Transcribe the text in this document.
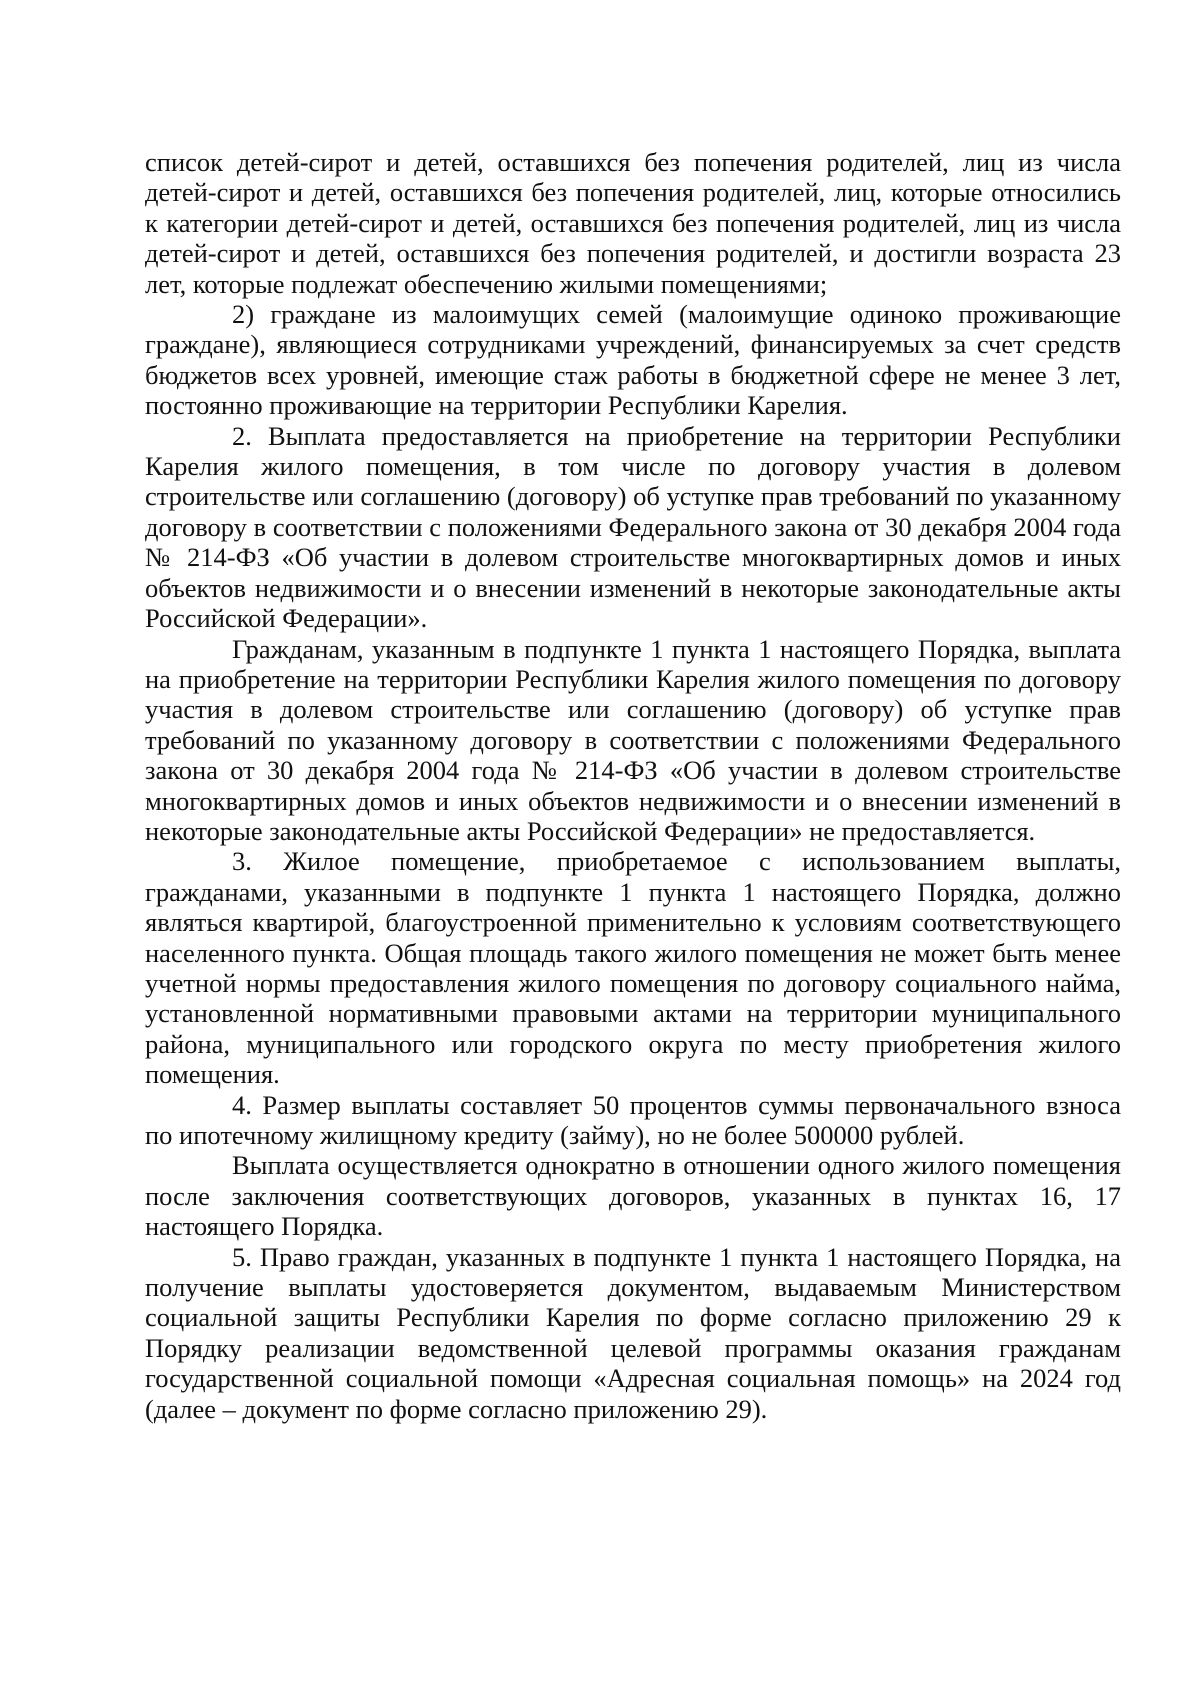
список детей-сирот и детей, оставшихся без попечения родителей, лиц из числа детей-сирот и детей, оставшихся без попечения родителей, лиц, которые относились к категории детей-сирот и детей, оставшихся без попечения родителей, лиц из числа детей-сирот и детей, оставшихся без попечения родителей, и достигли возраста 23 лет, которые подлежат обеспечению жилыми помещениями;

2) граждане из малоимущих семей (малоимущие одиноко проживающие граждане), являющиеся сотрудниками учреждений, финансируемых за счет средств бюджетов всех уровней, имеющие стаж работы в бюджетной сфере не менее 3 лет, постоянно проживающие на территории Республики Карелия.

2. Выплата предоставляется на приобретение на территории Республики Карелия жилого помещения, в том числе по договору участия в долевом строительстве или соглашению (договору) об уступке прав требований по указанному договору в соответствии с положениями Федерального закона от 30 декабря 2004 года № 214-ФЗ «Об участии в долевом строительстве многоквартирных домов и иных объектов недвижимости и о внесении изменений в некоторые законодательные акты Российской Федерации».

Гражданам, указанным в подпункте 1 пункта 1 настоящего Порядка, выплата на приобретение на территории Республики Карелия жилого помещения по договору участия в долевом строительстве или соглашению (договору) об уступке прав требований по указанному договору в соответствии с положениями Федерального закона от 30 декабря 2004 года № 214-ФЗ «Об участии в долевом строительстве многоквартирных домов и иных объектов недвижимости и о внесении изменений в некоторые законодательные акты Российской Федерации» не предоставляется.

3. Жилое помещение, приобретаемое с использованием выплаты, гражданами, указанными в подпункте 1 пункта 1 настоящего Порядка, должно являться квартирой, благоустроенной применительно к условиям соответствующего населенного пункта. Общая площадь такого жилого помещения не может быть менее учетной нормы предоставления жилого помещения по договору социального найма, установленной нормативными правовыми актами на территории муниципального района, муниципального или городского округа по месту приобретения жилого помещения.

4. Размер выплаты составляет 50 процентов суммы первоначального взноса по ипотечному жилищному кредиту (займу), но не более 500000 рублей.

Выплата осуществляется однократно в отношении одного жилого помещения после заключения соответствующих договоров, указанных в пунктах 16, 17 настоящего Порядка.

5. Право граждан, указанных в подпункте 1 пункта 1 настоящего Порядка, на получение выплаты удостоверяется документом, выдаваемым Министерством социальной защиты Республики Карелия по форме согласно приложению 29 к Порядку реализации ведомственной целевой программы оказания гражданам государственной социальной помощи «Адресная социальная помощь» на 2024 год (далее – документ по форме согласно приложению 29).
